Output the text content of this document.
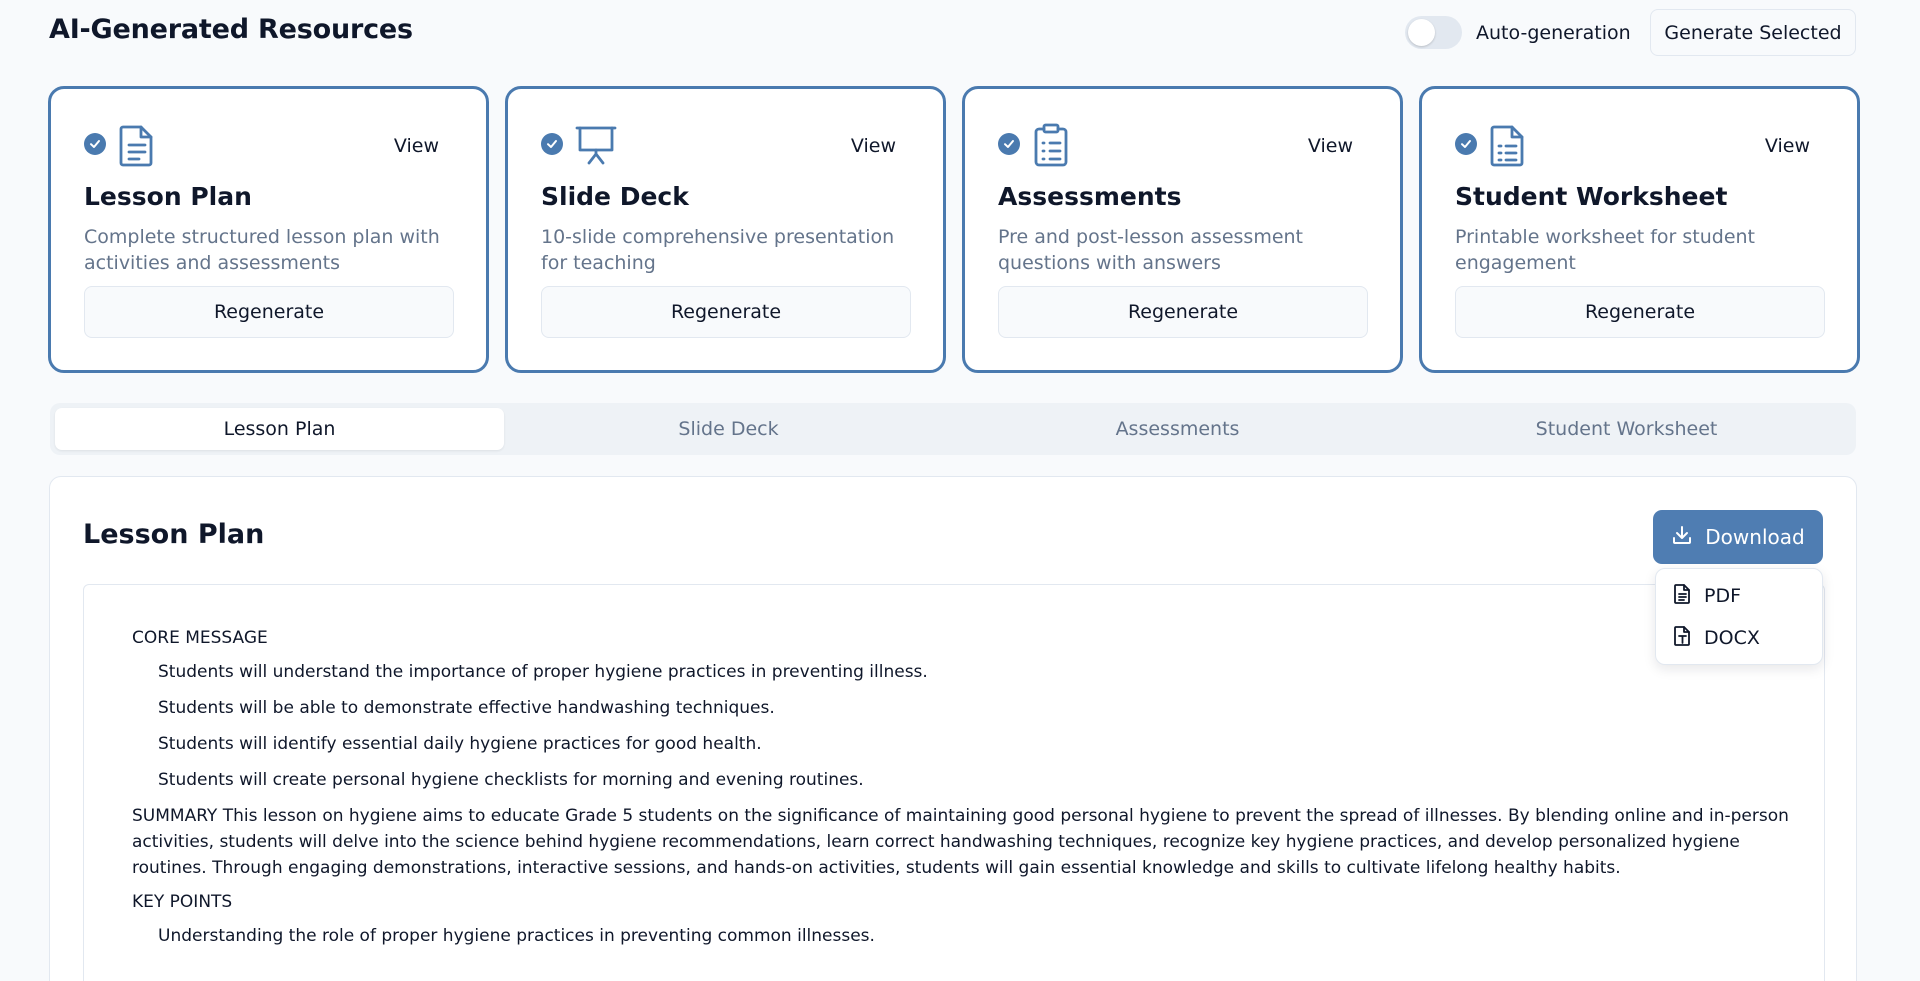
AI-Generated Resources	Auto-generation	Generate Selected
View
Lesson Plan
Complete structured lesson plan with activities and assessments
Regenerate
View
Slide Deck
10-slide comprehensive presentation for teaching
Regenerate
View
Assessments
Pre and post-lesson assessment questions with answers
Regenerate
View
Student Worksheet
Printable worksheet for student engagement
Regenerate
Lesson Plan	Slide Deck	Assessments	Student Worksheet
Lesson Plan	Download
CORE MESSAGE
Students will understand the importance of proper hygiene practices in preventing illness.
Students will be able to demonstrate effective handwashing techniques.
Students will identify essential daily hygiene practices for good health.
Students will create personal hygiene checklists for morning and evening routines.
SUMMARY This lesson on hygiene aims to educate Grade 5 students on the significance of maintaining good personal hygiene to prevent the spread of illnesses. By blending online and in-person activities, students will delve into the science behind hygiene recommendations, learn correct handwashing techniques, recognize key hygiene practices, and develop personalized hygiene routines. Through engaging demonstrations, interactive sessions, and hands-on activities, students will gain essential knowledge and skills to cultivate lifelong healthy habits.
KEY POINTS
Understanding the role of proper hygiene practices in preventing common illnesses.
PDF
DOCX
